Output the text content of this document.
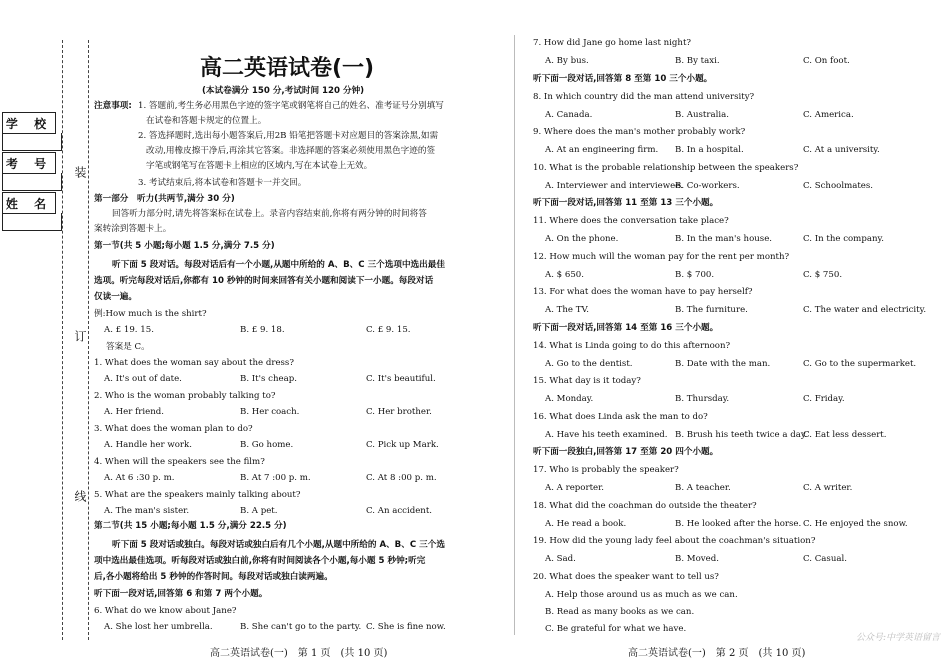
学 校
考 号
姓 名
装
订
线
高二英语试卷(一)
(本试卷满分 150 分,考试时间 120 分钟)
注意事项: 1. 答题前,考生务必用黑色字迹的签字笔或钢笔将自己的姓名、准考证号分别填写
在试卷和答题卡规定的位置上。
2. 答选择题时,选出每小题答案后,用2B 铅笔把答题卡对应题目的答案涂黑,如需
改动,用橡皮擦干净后,再涂其它答案。非选择题的答案必须使用黑色字迹的签
字笔或钢笔写在答题卡上相应的区域内,写在本试卷上无效。
3. 考试结束后,将本试卷和答题卡一并交回。
第一部分　听力(共两节,满分 30 分)
回答听力部分时,请先将答案标在试卷上。录音内容结束前,你将有两分钟的时间将答
案转涂到答题卡上。
第一节(共 5 小题;每小题 1.5 分,满分 7.5 分)
听下面 5 段对话。每段对话后有一个小题,从题中所给的 A、B、C 三个选项中选出最佳
选项。听完每段对话后,你都有 10 秒钟的时间来回答有关小题和阅读下一小题。每段对话
仅读一遍。
例:How much is the shirt?
A. £ 19. 15.	B. £ 9. 18.	C. £ 9. 15.
答案是 C。
1. What does the woman say about the dress?
A. It's out of date.	B. It's cheap.	C. It's beautiful.
2. Who is the woman probably talking to?
A. Her friend.	B. Her coach.	C. Her brother.
3. What does the woman plan to do?
A. Handle her work.	B. Go home.	C. Pick up Mark.
4. When will the speakers see the film?
A. At 6 :30 p. m.	B. At 7 :00 p. m.	C. At 8 :00 p. m.
5. What are the speakers mainly talking about?
A. The man's sister.	B. A pet.	C. An accident.
第二节(共 15 小题;每小题 1.5 分,满分 22.5 分)
听下面 5 段对话或独白。每段对话或独白后有几个小题,从题中所给的 A、B、C 三个选
项中选出最佳选项。听每段对话或独白前,你将有时间阅读各个小题,每小题 5 秒钟;听完
后,各小题将给出 5 秒钟的作答时间。每段对话或独白读两遍。
听下面一段对话,回答第 6 和第 7 两个小题。
6. What do we know about Jane?
A. She lost her umbrella.	B. She can't go to the party. C. She is fine now.
7. How did Jane go home last night?
A. By bus.	B. By taxi.	C. On foot.
听下面一段对话,回答第 8 至第 10 三个小题。
8. In which country did the man attend university?
A. Canada.	B. Australia.	C. America.
9. Where does the man's mother probably work?
A. At an engineering firm.	B. In a hospital.	C. At a university.
10. What is the probable relationship between the speakers?
A. Interviewer and interviewee.
B. Co-workers.	C. Schoolmates.
听下面一段对话,回答第 11 至第 13 三个小题。
11. Where does the conversation take place?
A. On the phone.	B. In the man's house.	C. In the company.
12. How much will the woman pay for the rent per month?
A. $ 650.	B. $ 700.	C. $ 750.
13. For what does the woman have to pay herself?
A. The TV.	B. The furniture.	C. The water and electricity.
听下面一段对话,回答第 14 至第 16 三个小题。
14. What is Linda going to do this afternoon?
A. Go to the dentist.	B. Date with the man.	C. Go to the supermarket.
15. What day is it today?
A. Monday.	B. Thursday.	C. Friday.
16. What does Linda ask the man to do?
A. Have his teeth examined. B. Brush his teeth twice a day.
C. Eat less dessert.
听下面一段独白,回答第 17 至第 20 四个小题。
17. Who is probably the speaker?
A. A reporter.	B. A teacher.	C. A writer.
18. What did the coachman do outside the theater?
A. He read a book.	B. He looked after the horse. C. He enjoyed the snow.
19. How did the young lady feel about the coachman's situation?
A. Sad.	B. Moved.	C. Casual.
20. What does the speaker want to tell us?
A. Help those around us as much as we can.
B. Read as many books as we can.
C. Be grateful for what we have.
高二英语试卷(一)　第 1 页　(共 10 页)	高二英语试卷(一)　第 2 页　(共 10 页)
公众号:中学英语留言
